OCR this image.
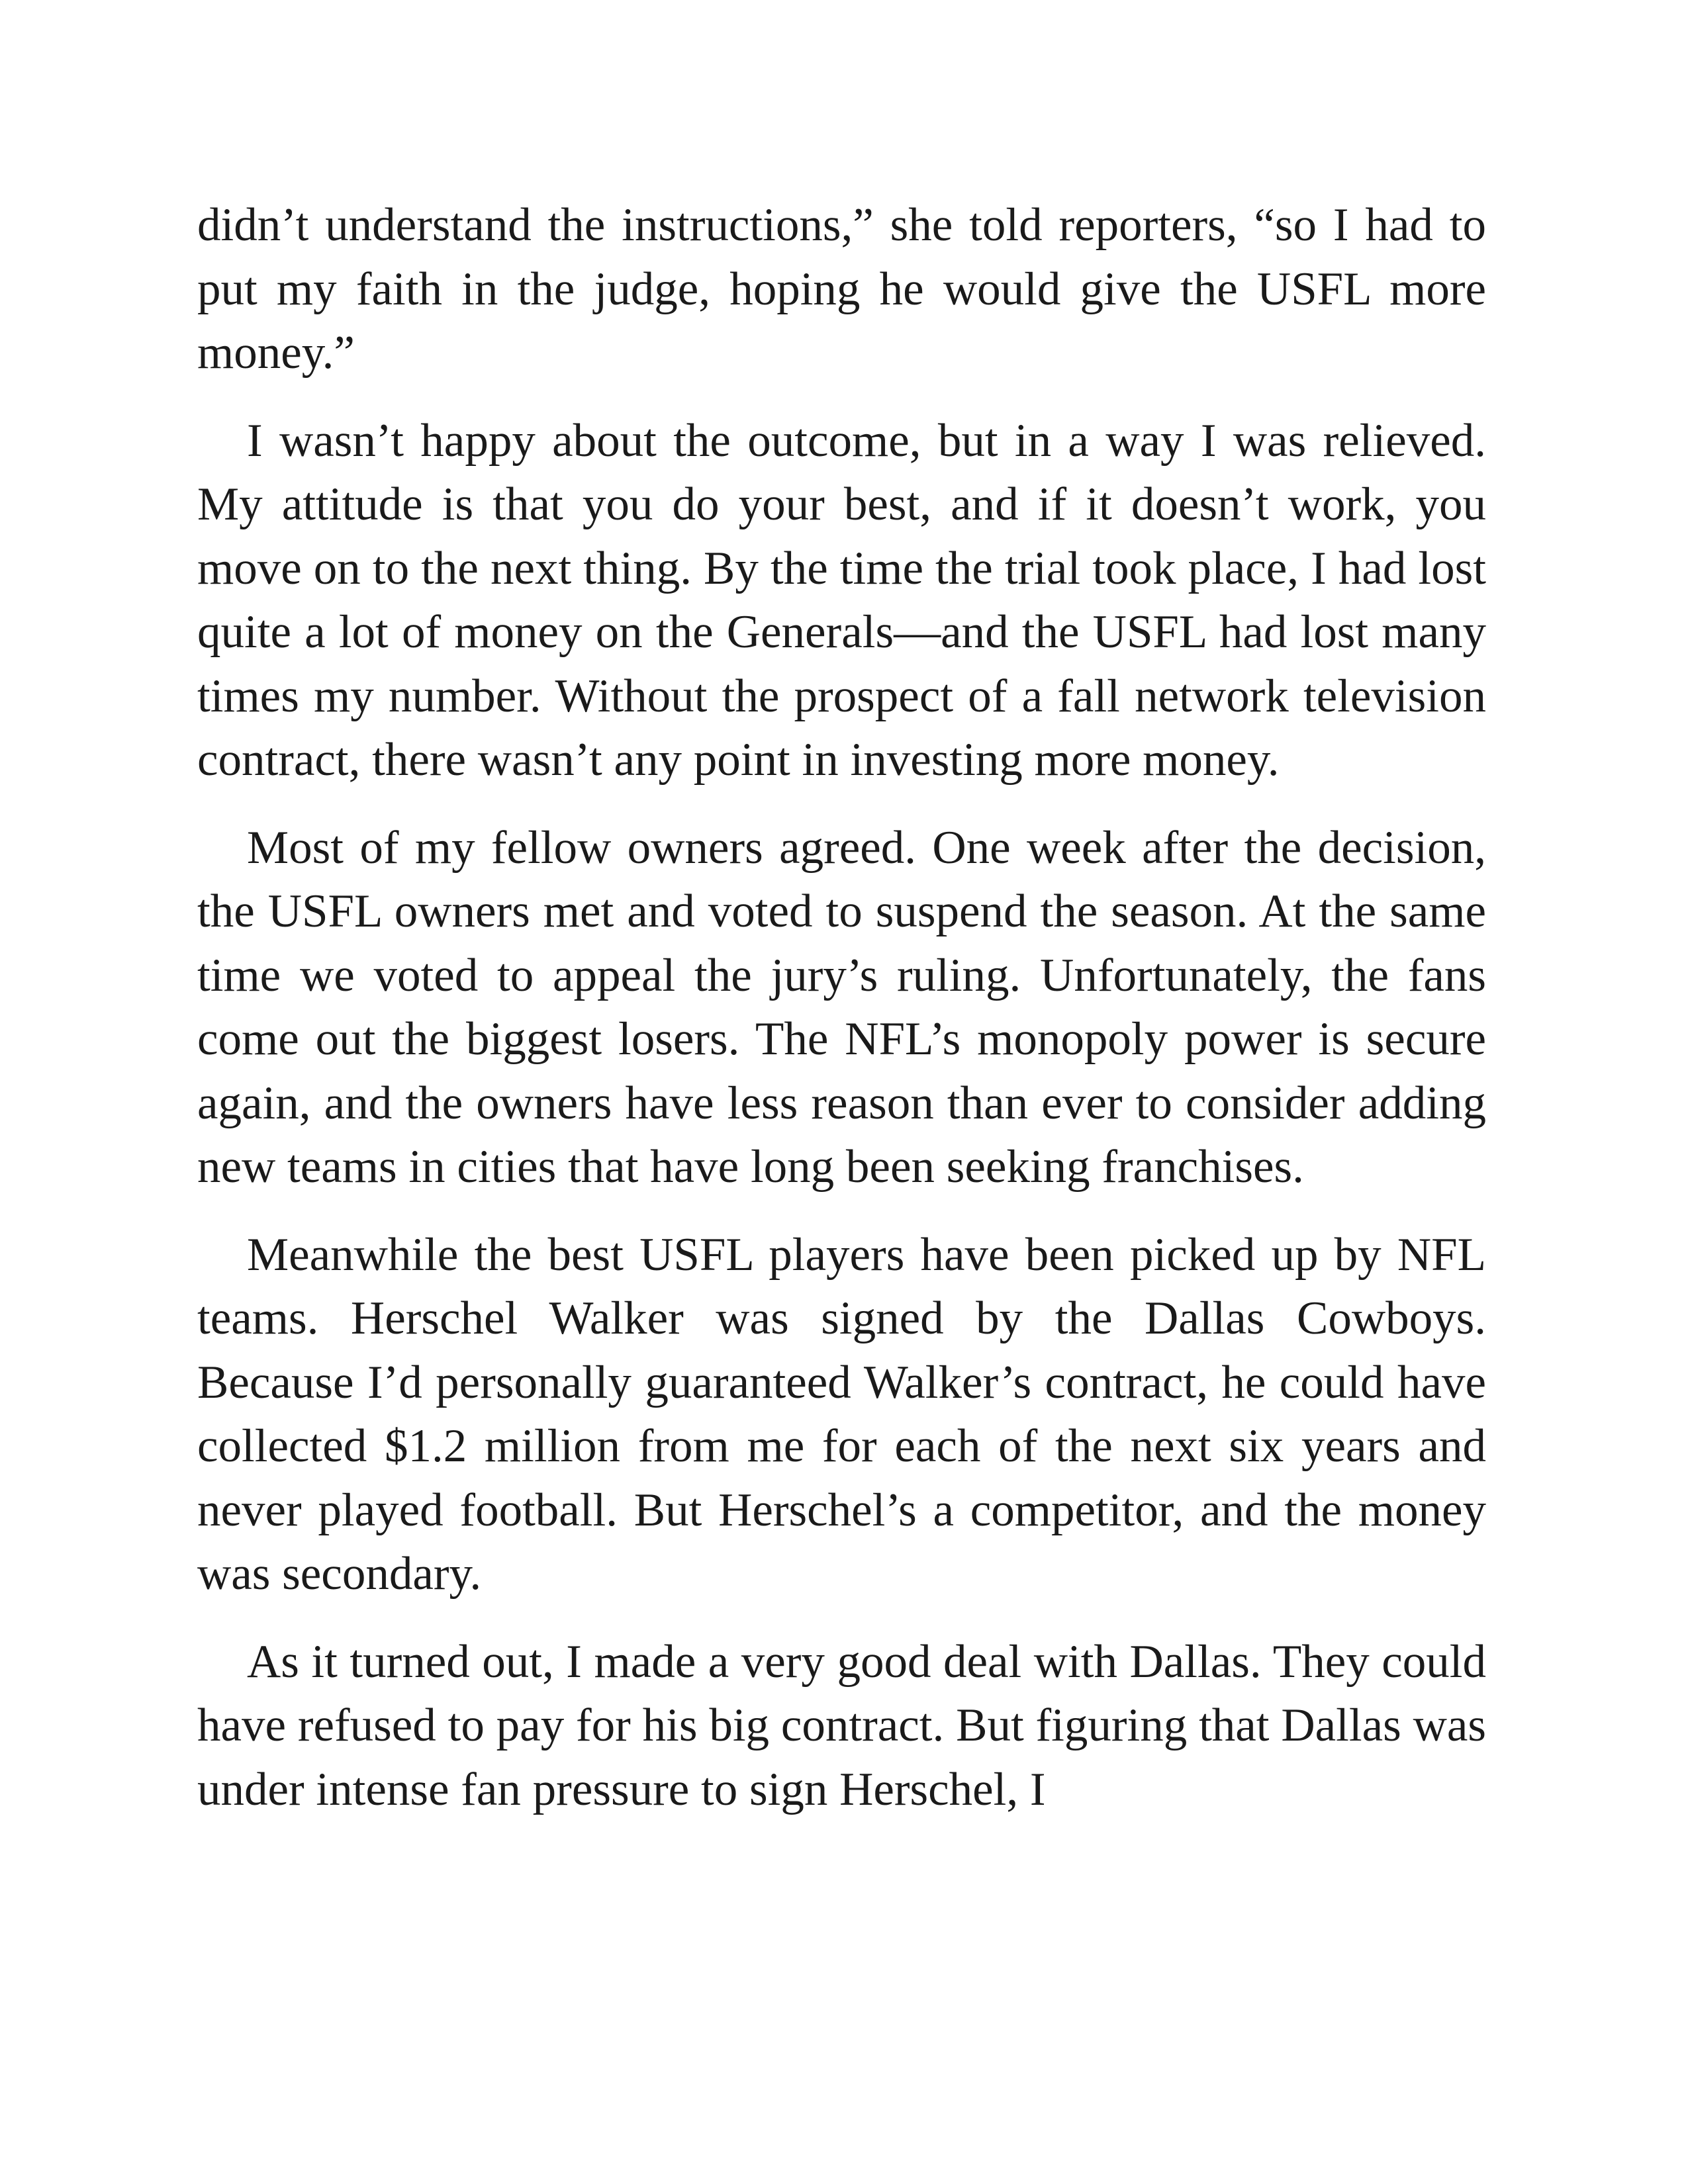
didn’t understand the instructions,” she told reporters, “so I had to put my faith in the judge, hoping he would give the USFL more money.”

I wasn’t happy about the outcome, but in a way I was relieved. My attitude is that you do your best, and if it doesn’t work, you move on to the next thing. By the time the trial took place, I had lost quite a lot of money on the Generals—and the USFL had lost many times my number. Without the prospect of a fall network television contract, there wasn’t any point in investing more money.

Most of my fellow owners agreed. One week after the decision, the USFL owners met and voted to suspend the season. At the same time we voted to appeal the jury’s ruling. Unfortunately, the fans come out the biggest losers. The NFL’s monopoly power is secure again, and the owners have less reason than ever to consider adding new teams in cities that have long been seeking franchises.

Meanwhile the best USFL players have been picked up by NFL teams. Herschel Walker was signed by the Dallas Cowboys. Because I’d personally guaranteed Walker’s contract, he could have collected $1.2 million from me for each of the next six years and never played football. But Herschel’s a competitor, and the money was secondary.

As it turned out, I made a very good deal with Dallas. They could have refused to pay for his big contract. But figuring that Dallas was under intense fan pressure to sign Herschel, I
